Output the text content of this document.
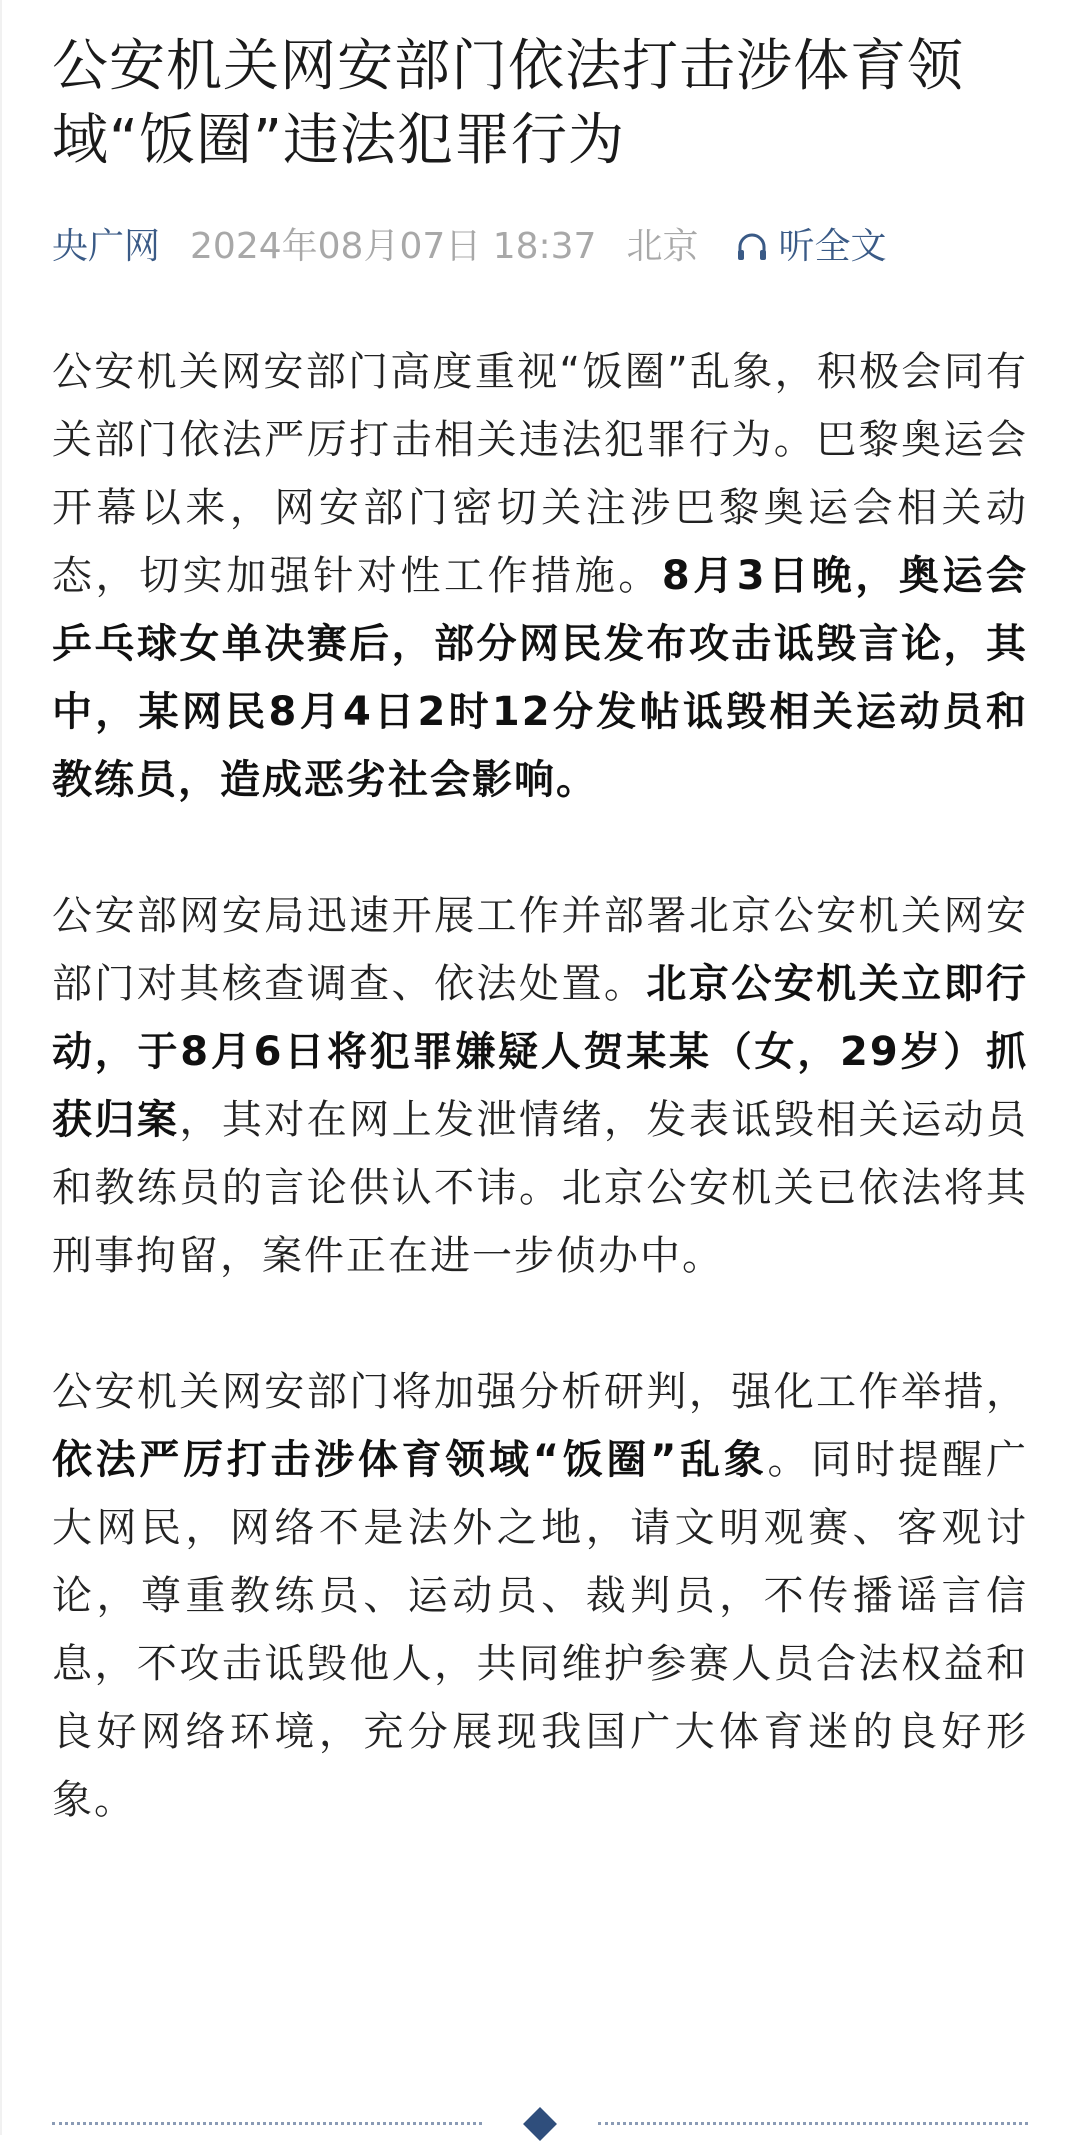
公安机关网安部门依法打击涉体育领域“饭圈”违法犯罪行为
央广网 2024年08月07日 18:37 北京 听全文

公安机关网安部门高度重视“饭圈”乱象，积极会同有关部门依法严厉打击相关违法犯罪行为。巴黎奥运会开幕以来，网安部门密切关注涉巴黎奥运会相关动态，切实加强针对性工作措施。8月3日晚，奥运会乒乓球女单决赛后，部分网民发布攻击诋毁言论，其中，某网民8月4日2时12分发帖诋毁相关运动员和教练员，造成恶劣社会影响。

公安部网安局迅速开展工作并部署北京公安机关网安部门对其核查调查、依法处置。北京公安机关立即行动，于8月6日将犯罪嫌疑人贺某某（女，29岁）抓获归案，其对在网上发泄情绪，发表诋毁相关运动员和教练员的言论供认不讳。北京公安机关已依法将其刑事拘留，案件正在进一步侦办中。

公安机关网安部门将加强分析研判，强化工作举措，依法严厉打击涉体育领域“饭圈”乱象。同时提醒广大网民，网络不是法外之地，请文明观赛、客观讨论，尊重教练员、运动员、裁判员，不传播谣言信息，不攻击诋毁他人，共同维护参赛人员合法权益和良好网络环境，充分展现我国广大体育迷的良好形象。
